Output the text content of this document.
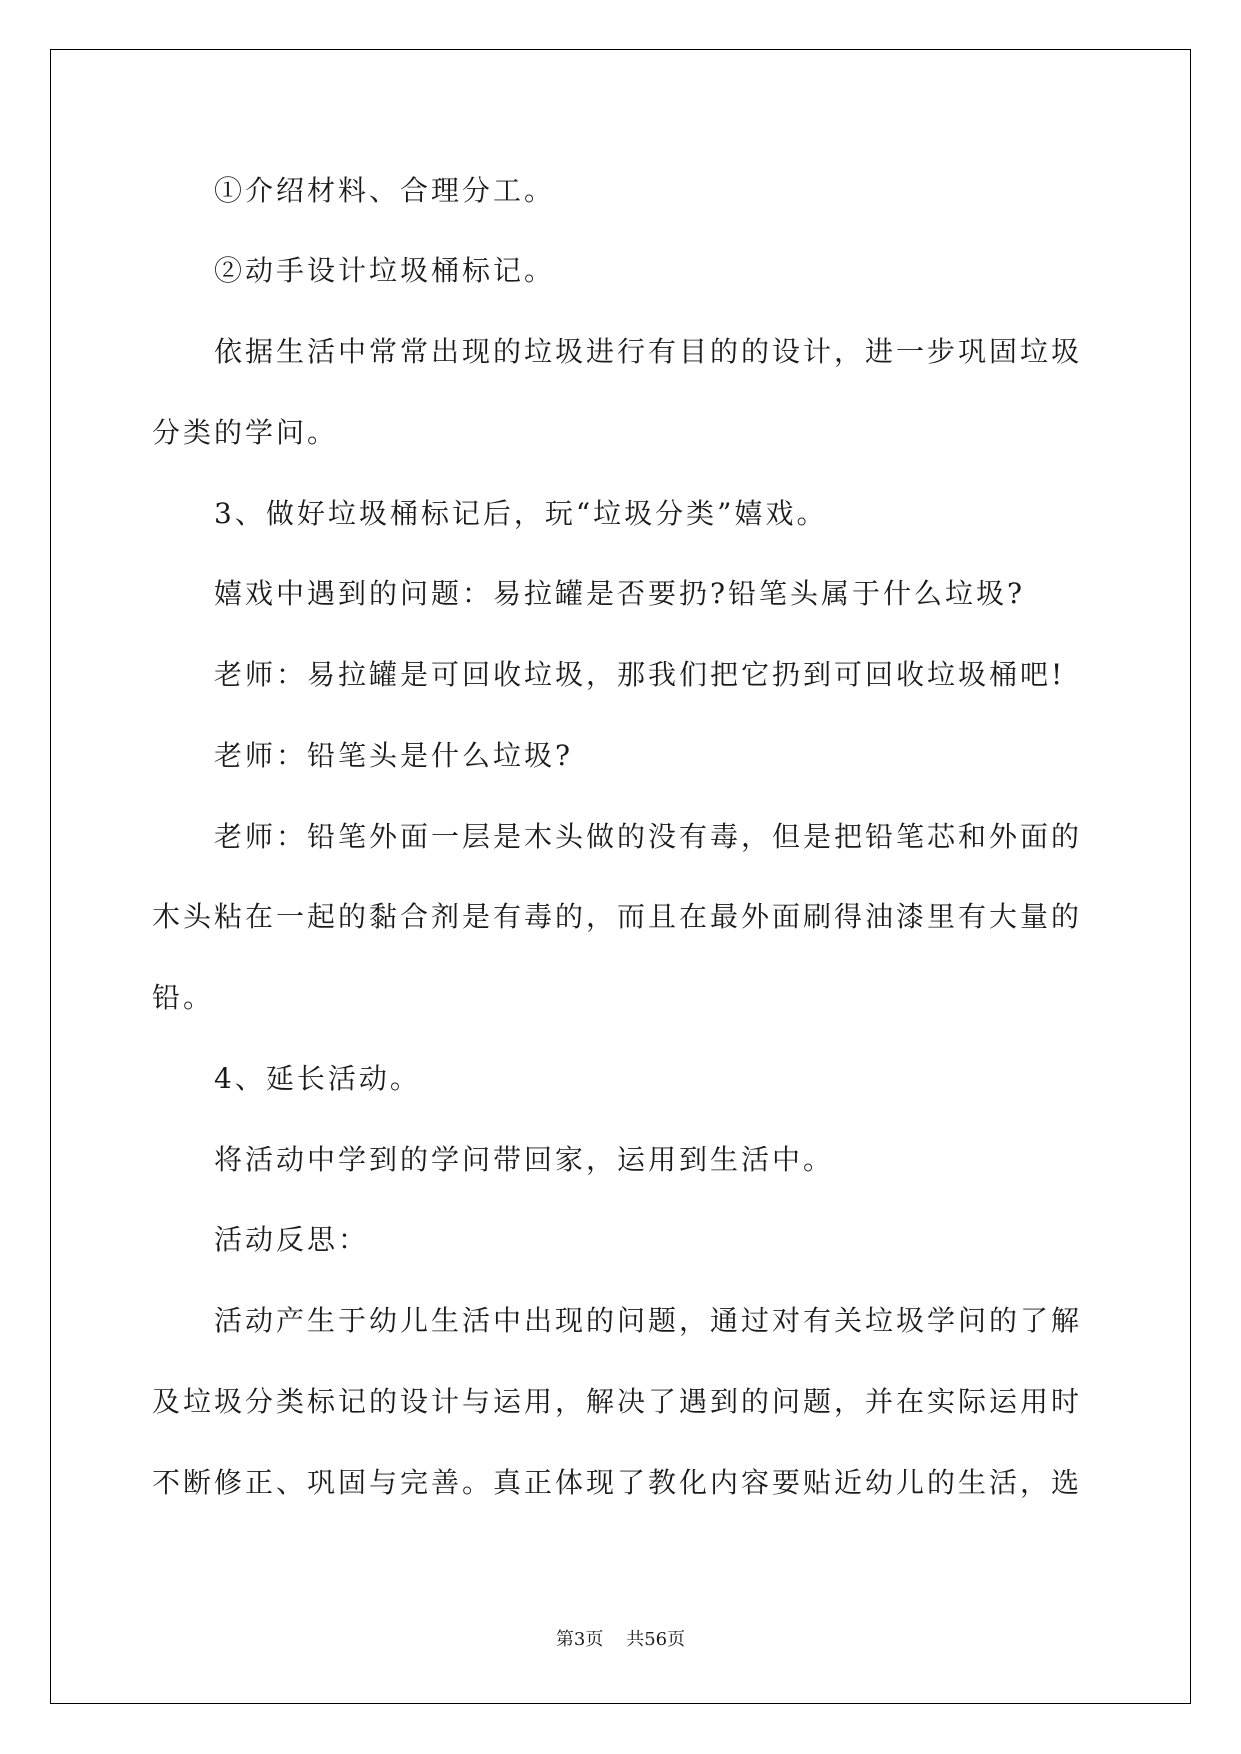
①介绍材料、合理分工。
②动手设计垃圾桶标记。
依据生活中常常出现的垃圾进行有目的的设计，进一步巩固垃圾
分类的学问。
3、做好垃圾桶标记后，玩“垃圾分类”嬉戏。
嬉戏中遇到的问题：易拉罐是否要扔?铅笔头属于什么垃圾?
老师：易拉罐是可回收垃圾，那我们把它扔到可回收垃圾桶吧!
老师：铅笔头是什么垃圾?
老师：铅笔外面一层是木头做的没有毒，但是把铅笔芯和外面的
木头粘在一起的黏合剂是有毒的，而且在最外面刷得油漆里有大量的
铅。
4、延长活动。
将活动中学到的学问带回家，运用到生活中。
活动反思：
活动产生于幼儿生活中出现的问题，通过对有关垃圾学问的了解
及垃圾分类标记的设计与运用，解决了遇到的问题，并在实际运用时
不断修正、巩固与完善。真正体现了教化内容要贴近幼儿的生活，选
第3页 共56页
